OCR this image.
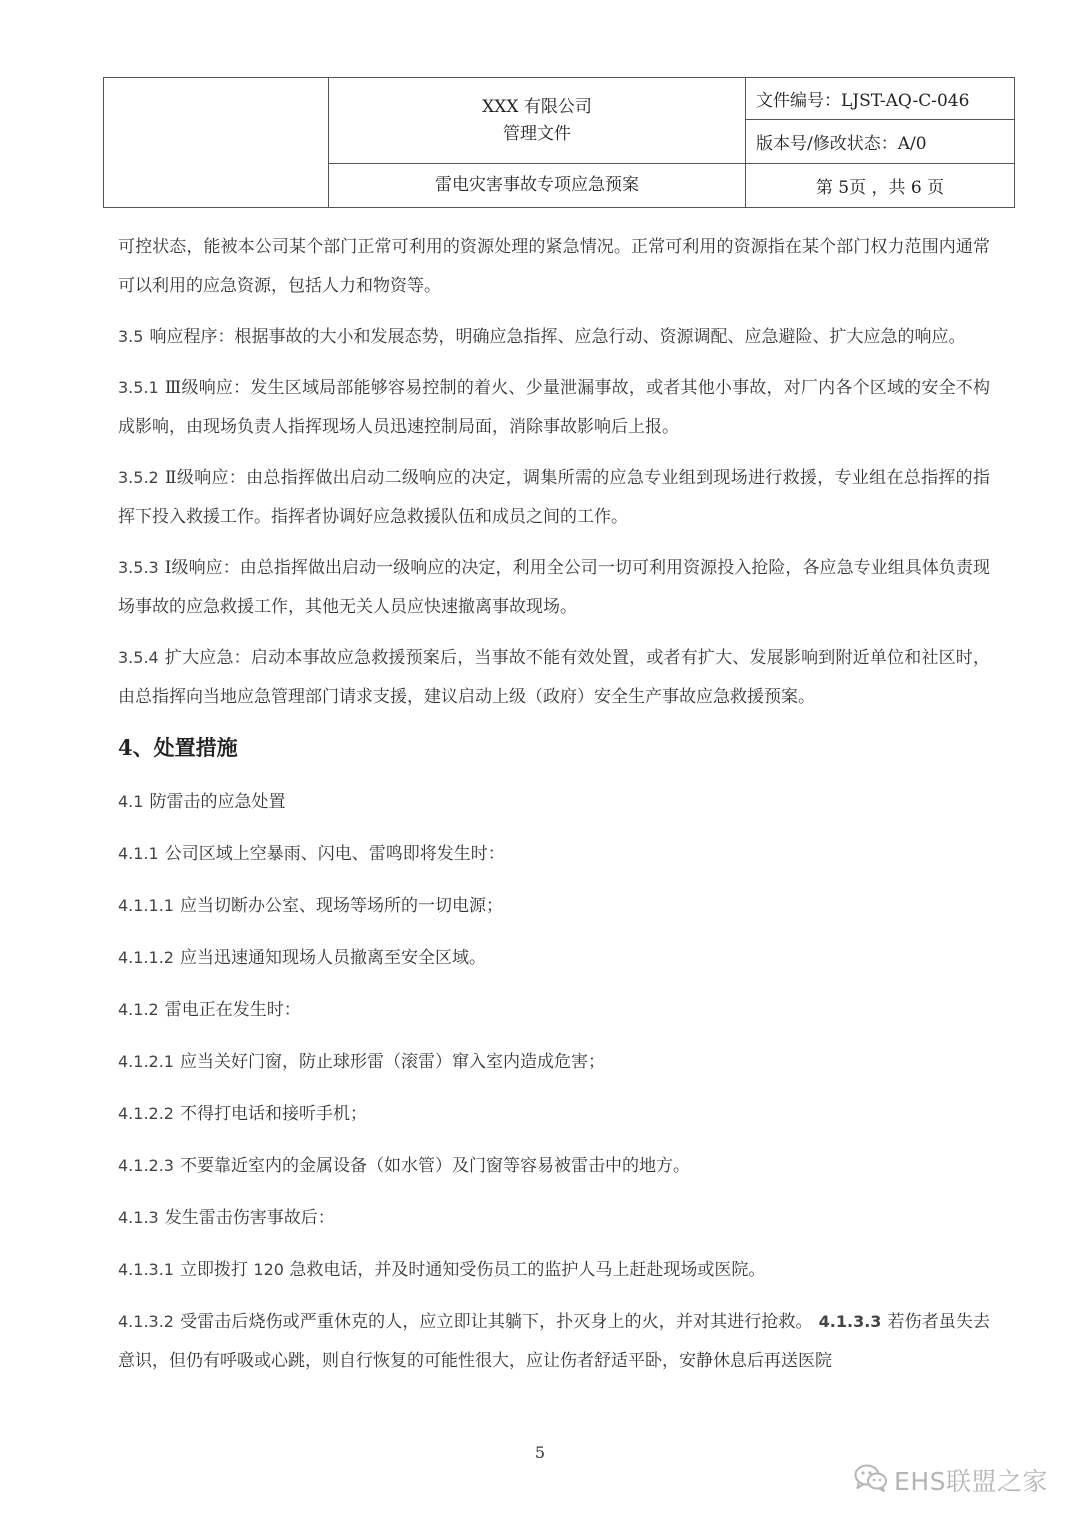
	XXX 有限公司
管理文件	文件编号：LJST-AQ-C-046
		版本号/修改状态：A/0
	雷电灾害事故专项应急预案	第 5页 ，共 6 页

可控状态，能被本公司某个部门正常可利用的资源处理的紧急情况。正常可利用的资源指在某个部门权力范围内通常可以利用的应急资源，包括人力和物资等。

3.5 响应程序：根据事故的大小和发展态势，明确应急指挥、应急行动、资源调配、应急避险、扩大应急的响应。

3.5.1 Ⅲ级响应：发生区域局部能够容易控制的着火、少量泄漏事故，或者其他小事故，对厂内各个区域的安全不构成影响，由现场负责人指挥现场人员迅速控制局面，消除事故影响后上报。

3.5.2 Ⅱ级响应：由总指挥做出启动二级响应的决定，调集所需的应急专业组到现场进行救援，专业组在总指挥的指挥下投入救援工作。指挥者协调好应急救援队伍和成员之间的工作。

3.5.3 Ⅰ级响应：由总指挥做出启动一级响应的决定，利用全公司一切可利用资源投入抢险，各应急专业组具体负责现场事故的应急救援工作，其他无关人员应快速撤离事故现场。

3.5.4 扩大应急：启动本事故应急救援预案后，当事故不能有效处置，或者有扩大、发展影响到附近单位和社区时，由总指挥向当地应急管理部门请求支援，建议启动上级（政府）安全生产事故应急救援预案。

4、处置措施

4.1 防雷击的应急处置

4.1.1 公司区域上空暴雨、闪电、雷鸣即将发生时：

4.1.1.1 应当切断办公室、现场等场所的一切电源；

4.1.1.2 应当迅速通知现场人员撤离至安全区域。

4.1.2 雷电正在发生时：

4.1.2.1 应当关好门窗，防止球形雷（滚雷）窜入室内造成危害；

4.1.2.2 不得打电话和接听手机；

4.1.2.3 不要靠近室内的金属设备（如水管）及门窗等容易被雷击中的地方。

4.1.3 发生雷击伤害事故后：

4.1.3.1 立即拨打 120 急救电话，并及时通知受伤员工的监护人马上赶赴现场或医院。

4.1.3.2 受雷击后烧伤或严重休克的人，应立即让其躺下，扑灭身上的火，并对其进行抢救。 4.1.3.3 若伤者虽失去意识，但仍有呼吸或心跳，则自行恢复的可能性很大，应让伤者舒适平卧，安静休息后再送医院

5
EHS联盟之家
